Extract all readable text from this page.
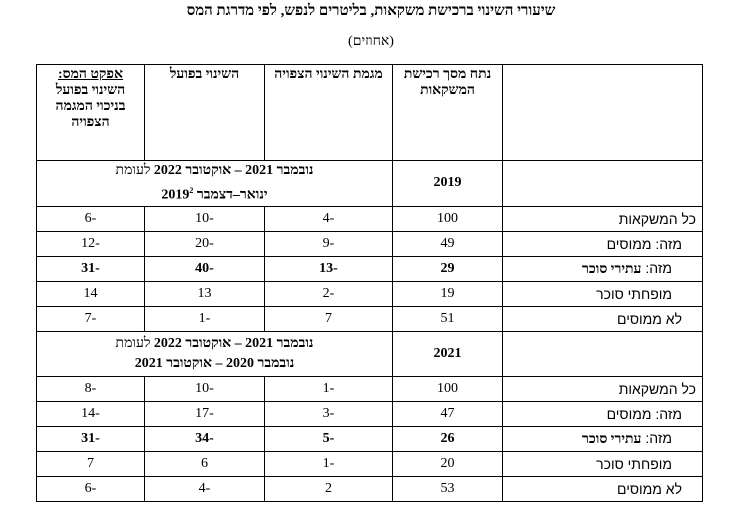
שיעורי השינוי ברכישת משקאות, בליטרים לנפש, לפי מדרגת המס
(אחוזים)
	נתח מסך רכישת המשקאות	מגמת השינוי הצפויה	השינוי בפועל	אפקט המס:
השינוי בפועל בניכוי המגמה הצפויה
	2019	נובמבר 2021 – אוקטובר 2022 לעומת
ינואר–דצמבר 2019$^2$
כל המשקאות	100	-4	-10	-6
מזה: ממוסים	49	-9	-20	-12
מזה: עתירי סוכר	29	-13	-40	-31
מופחתי סוכר	19	-2	13	14
לא ממוסים	51	7	-1	-7
	2021	נובמבר 2021 – אוקטובר 2022 לעומת
נובמבר 2020 – אוקטובר 2021		
כל המשקאות	100	-1	-10	-8
מזה: ממוסים	47	-3	-17	-14
מזה: עתירי סוכר	26	-5	-34	-31
מופחתי סוכר	20	-1	6	7
לא ממוסים	53	2	-4	-6
